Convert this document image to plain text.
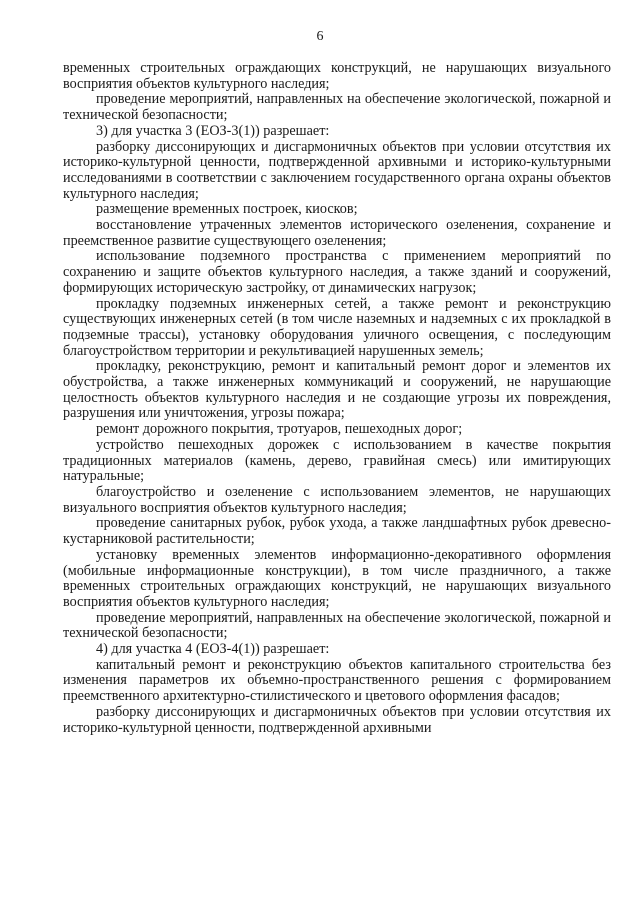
6

временных строительных ограждающих конструкций, не нарушающих визуального восприятия объектов культурного наследия;

проведение мероприятий, направленных на обеспечение экологической, пожарной и технической безопасности;

3) для участка 3 (ЕОЗ-3(1)) разрешает:

разборку диссонирующих и дисгармоничных объектов при условии отсутствия их историко-культурной ценности, подтвержденной архивными и историко-культурными исследованиями в соответствии с заключением государственного органа охраны объектов культурного наследия;

размещение временных построек, киосков;

восстановление утраченных элементов исторического озеленения, сохранение и преемственное развитие существующего озеленения;

использование подземного пространства с применением мероприятий по сохранению и защите объектов культурного наследия, а также зданий и сооружений, формирующих историческую застройку, от динамических нагрузок;

прокладку подземных инженерных сетей, а также ремонт и реконструкцию существующих инженерных сетей (в том числе наземных и надземных с их прокладкой в подземные трассы), установку оборудования уличного освещения, с последующим благоустройством территории и рекультивацией нарушенных земель;

прокладку, реконструкцию, ремонт и капитальный ремонт дорог и элементов их обустройства, а также инженерных коммуникаций и сооружений, не нарушающие целостность объектов культурного наследия и не создающие угрозы их повреждения, разрушения или уничтожения, угрозы пожара;

ремонт дорожного покрытия, тротуаров, пешеходных дорог;

устройство пешеходных дорожек с использованием в качестве покрытия традиционных материалов (камень, дерево, гравийная смесь) или имитирующих натуральные;

благоустройство и озеленение с использованием элементов, не нарушающих визуального восприятия объектов культурного наследия;

проведение санитарных рубок, рубок ухода, а также ландшафтных рубок древесно-кустарниковой растительности;

установку временных элементов информационно-декоративного оформления (мобильные информационные конструкции), в том числе праздничного, а также временных строительных ограждающих конструкций, не нарушающих визуального восприятия объектов культурного наследия;

проведение мероприятий, направленных на обеспечение экологической, пожарной и технической безопасности;

4) для участка 4 (ЕОЗ-4(1)) разрешает:

капитальный ремонт и реконструкцию объектов капитального строительства без изменения параметров их объемно-пространственного решения с формированием преемственного архитектурно-стилистического и цветового оформления фасадов;

разборку диссонирующих и дисгармоничных объектов при условии отсутствия их историко-культурной ценности, подтвержденной архивными
